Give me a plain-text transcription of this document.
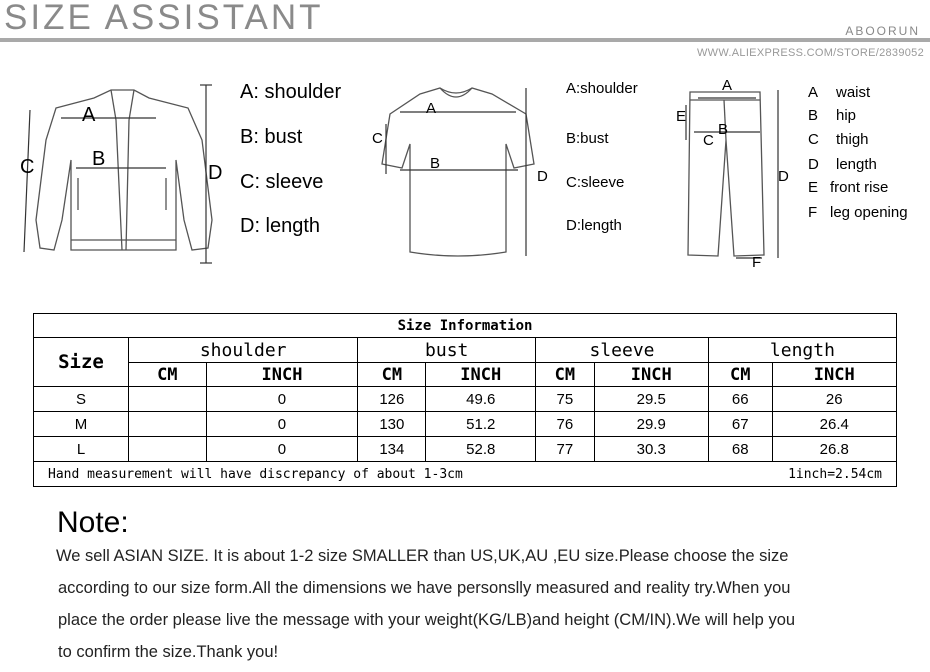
SIZE ASSISTANT	ABOORUN
WWW.ALIEXPRESS.COM/STORE/2839052
A
B
C	D
A: shoulder
B: bust
C: sleeve
D: length
A
B
C
D
A:shoulder
B:bust
C:sleeve
D:length
A
B
C
D
E
F
A waist
B hip
C thigh
D length
E front rise
F leg opening
Size Information								
Size	shoulder		bust		sleeve		length	
	CM	INCH	CM	INCH	CM	INCH	CM	INCH
S		0	126	49.6	75	29.5	66	26
M		0	130	51.2	76	29.9	67	26.4
L		0	134	52.8	77	30.3	68	26.8
Hand measurement will have discrepancy of about 1-3cm							1inch=2.54cm	
Note:
We sell ASIAN SIZE. It is about 1-2 size SMALLER than US,UK,AU ,EU size.Please choose the size
according to our size form.All the dimensions we have personslly measured and reality try.When you
place the order please live the message with your weight(KG/LB)and height (CM/IN).We will help you
to confirm the size.Thank you!
